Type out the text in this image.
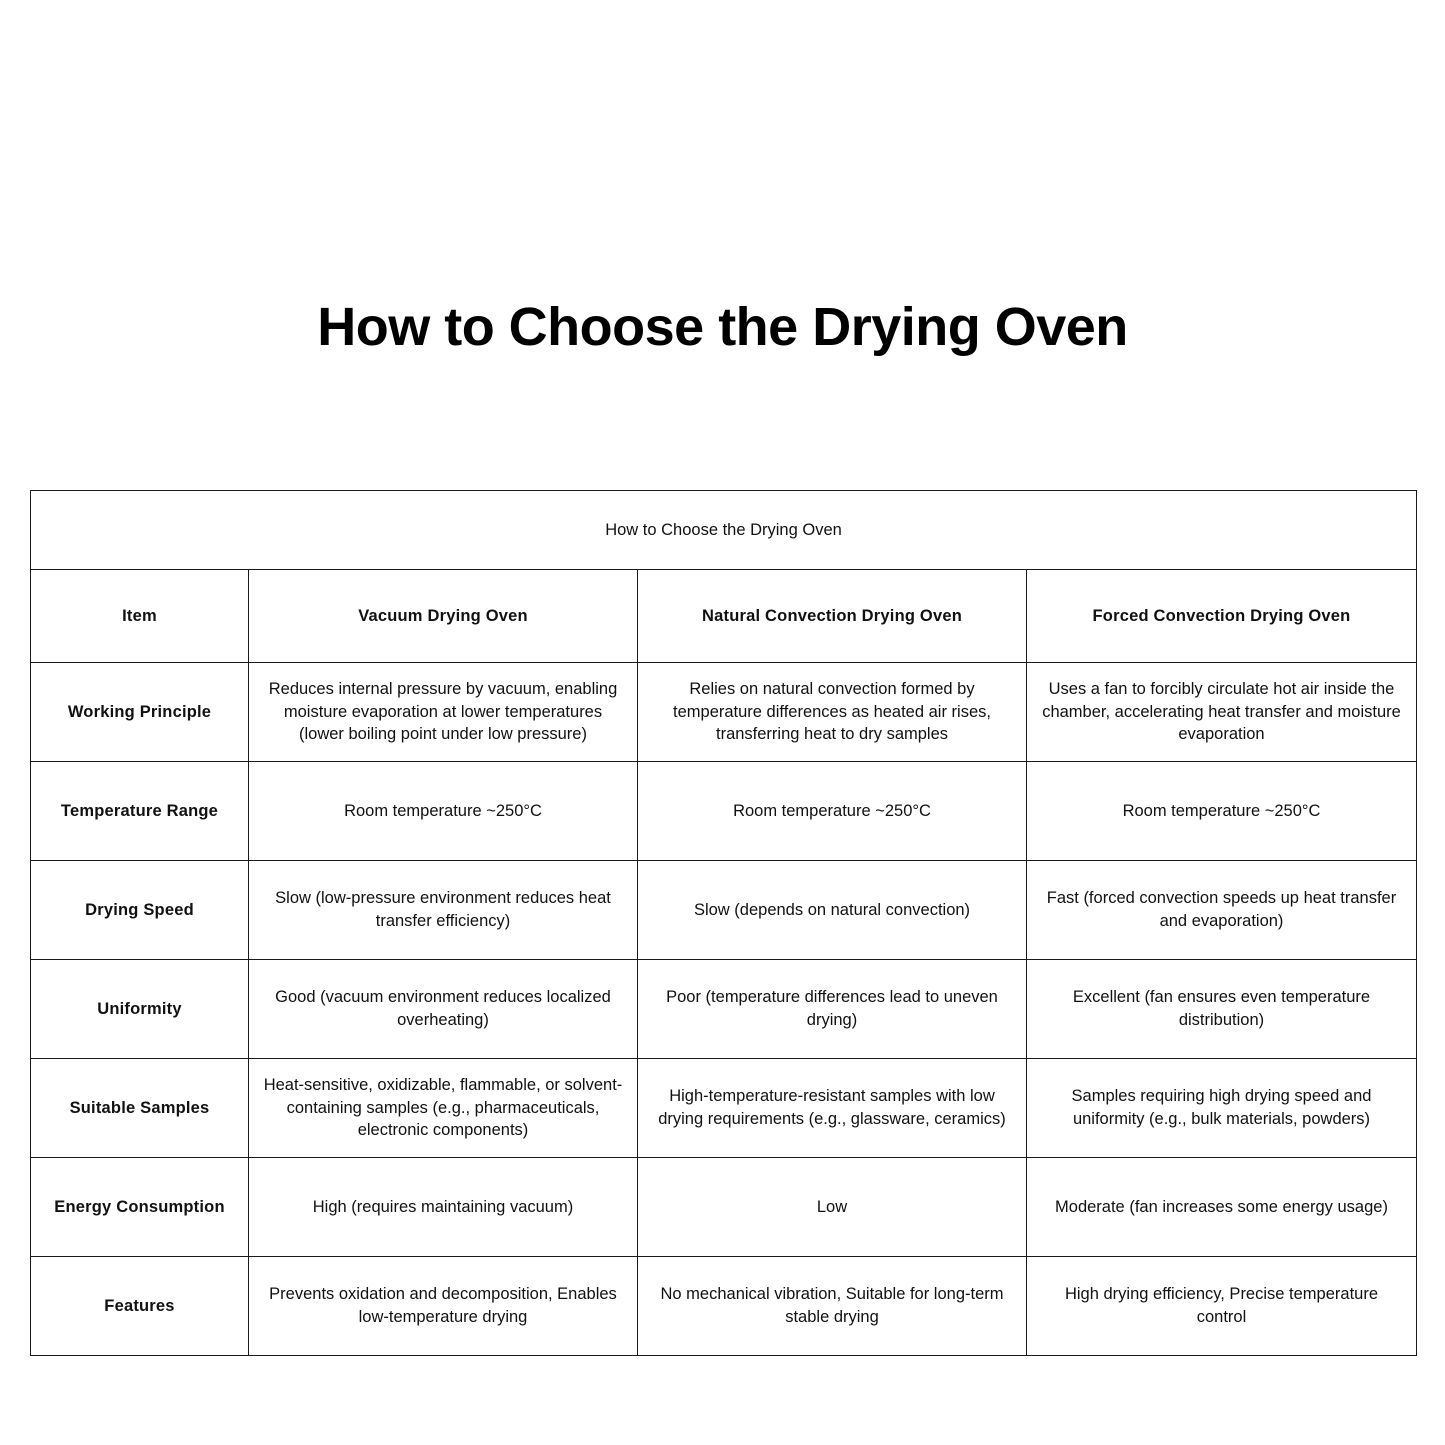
How to Choose the Drying Oven
How to Choose the Drying Oven			
Item	Vacuum Drying Oven	Natural Convection Drying Oven	Forced Convection Drying Oven
Working Principle	Reduces internal pressure by vacuum, enabling moisture evaporation at lower temperatures (lower boiling point under low pressure)	Relies on natural convection formed by temperature differences as heated air rises, transferring heat to dry samples	Uses a fan to forcibly circulate hot air inside the chamber, accelerating heat transfer and moisture evaporation
Temperature Range	Room temperature ~250°C	Room temperature ~250°C	Room temperature ~250°C
Drying Speed	Slow (low-pressure environment reduces heat transfer efficiency)	Slow (depends on natural convection)	Fast (forced convection speeds up heat transfer and evaporation)
Uniformity	Good (vacuum environment reduces localized overheating)	Poor (temperature differences lead to uneven drying)	Excellent (fan ensures even temperature distribution)
Suitable Samples	Heat-sensitive, oxidizable, flammable, or solvent-containing samples (e.g., pharmaceuticals, electronic components)	High-temperature-resistant samples with low drying requirements (e.g., glassware, ceramics)	Samples requiring high drying speed and uniformity (e.g., bulk materials, powders)
Energy Consumption	High (requires maintaining vacuum)	Low	Moderate (fan increases some energy usage)
Features	Prevents oxidation and decomposition, Enables low-temperature drying	No mechanical vibration, Suitable for long-term stable drying	High drying efficiency, Precise temperature control
